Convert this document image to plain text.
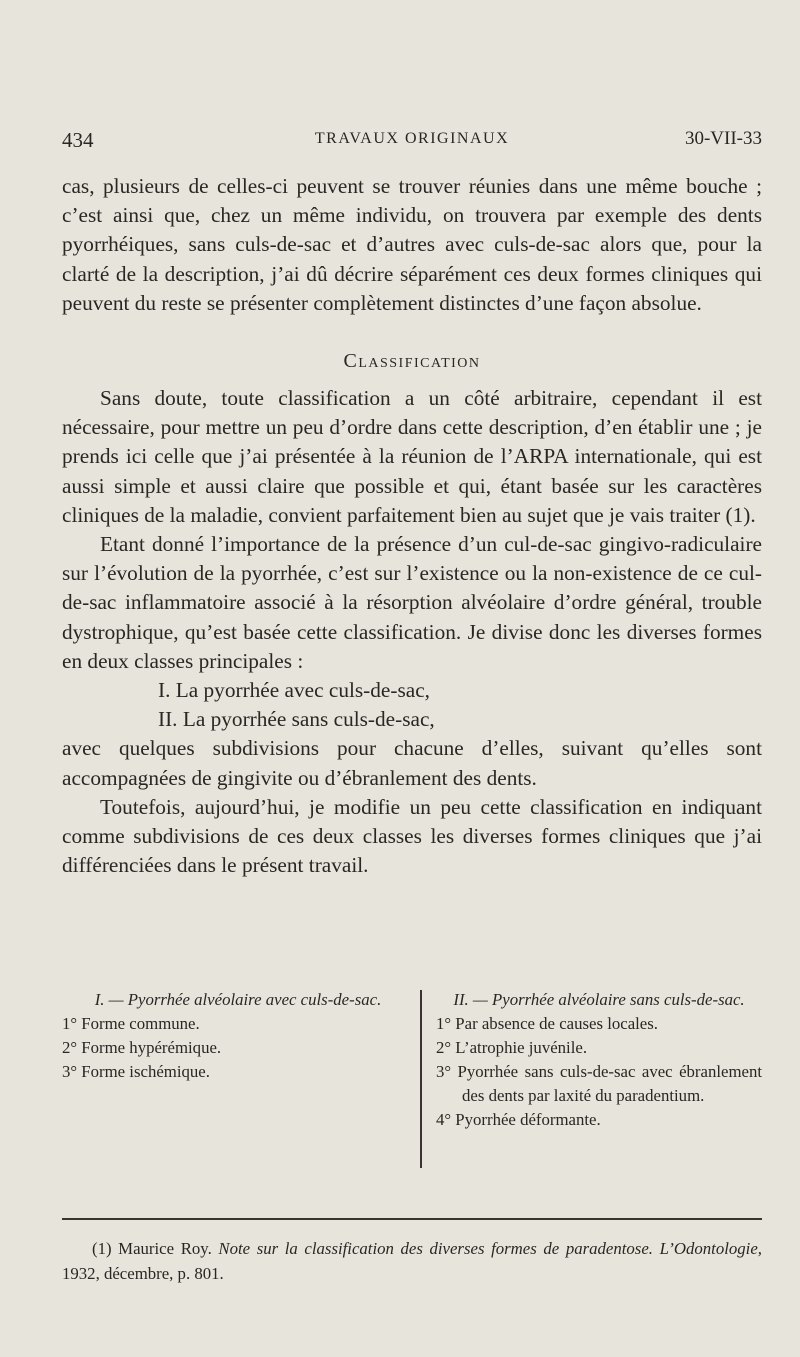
434	TRAVAUX ORIGINAUX	30-VII-33

cas, plusieurs de celles-ci peuvent se trouver réunies dans une même bouche ; c’est ainsi que, chez un même individu, on trouvera par exemple des dents pyorrhéiques, sans culs-de-sac et d’autres avec culs-de-sac alors que, pour la clarté de la description, j’ai dû décrire séparément ces deux formes cliniques qui peuvent du reste se présenter complètement distinctes d’une façon absolue.

Classification

Sans doute, toute classification a un côté arbitraire, cependant il est nécessaire, pour mettre un peu d’ordre dans cette description, d’en établir une ; je prends ici celle que j’ai présentée à la réunion de l’ARPA internationale, qui est aussi simple et aussi claire que possible et qui, étant basée sur les caractères cliniques de la maladie, convient parfaitement bien au sujet que je vais traiter (1).

Etant donné l’importance de la présence d’un cul-de-sac gingivo-radiculaire sur l’évolution de la pyorrhée, c’est sur l’existence ou la non-existence de ce cul-de-sac inflammatoire associé à la résorption alvéolaire d’ordre général, trouble dystrophique, qu’est basée cette classification. Je divise donc les diverses formes en deux classes principales :

I. La pyorrhée avec culs-de-sac,

II. La pyorrhée sans culs-de-sac,

avec quelques subdivisions pour chacune d’elles, suivant qu’elles sont accompagnées de gingivite ou d’ébranlement des dents.

Toutefois, aujourd’hui, je modifie un peu cette classification en indiquant comme subdivisions de ces deux classes les diverses formes cliniques que j’ai différenciées dans le présent travail.

I. — Pyorrhée alvéolaire avec culs-de-sac.

1° Forme commune.

2° Forme hypérémique.

3° Forme ischémique.

II. — Pyorrhée alvéolaire sans culs-de-sac.

1° Par absence de causes locales.

2° L’atrophie juvénile.

3° Pyorrhée sans culs-de-sac avec ébranlement des dents par laxité du paradentium.

4° Pyorrhée déformante.

(1) Maurice Roy. Note sur la classification des diverses formes de paradentose. L’Odontologie, 1932, décembre, p. 801.
